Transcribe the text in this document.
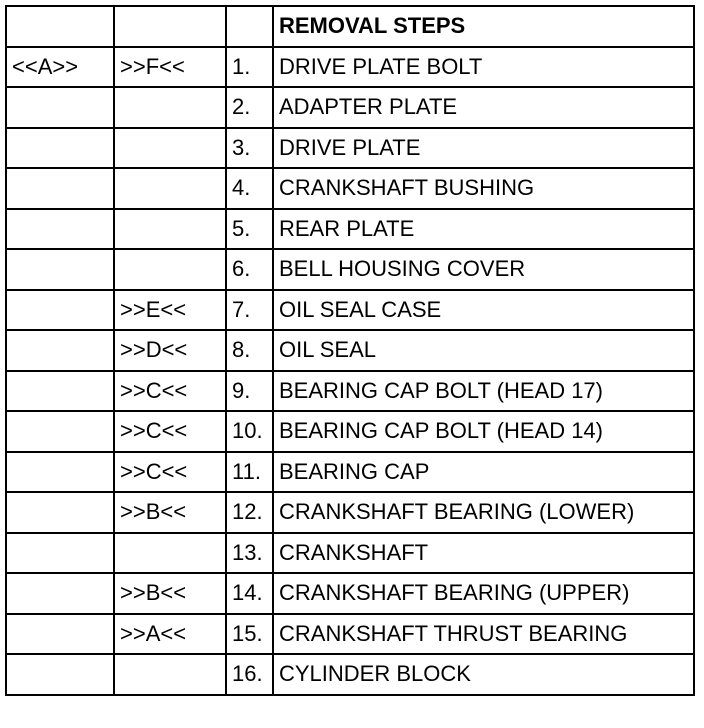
			REMOVAL STEPS
<<A>>	>>F<<	1.	DRIVE PLATE BOLT
		2.	ADAPTER PLATE
		3.	DRIVE PLATE
		4.	CRANKSHAFT BUSHING
		5.	REAR PLATE
		6.	BELL HOUSING COVER
	>>E<<	7.	OIL SEAL CASE
	>>D<<	8.	OIL SEAL
	>>C<<	9.	BEARING CAP BOLT (HEAD 17)
	>>C<<	10.	BEARING CAP BOLT (HEAD 14)
	>>C<<	11.	BEARING CAP
	>>B<<	12.	CRANKSHAFT BEARING (LOWER)
		13.	CRANKSHAFT
	>>B<<	14.	CRANKSHAFT BEARING (UPPER)
	>>A<<	15.	CRANKSHAFT THRUST BEARING
		16.	CYLINDER BLOCK
